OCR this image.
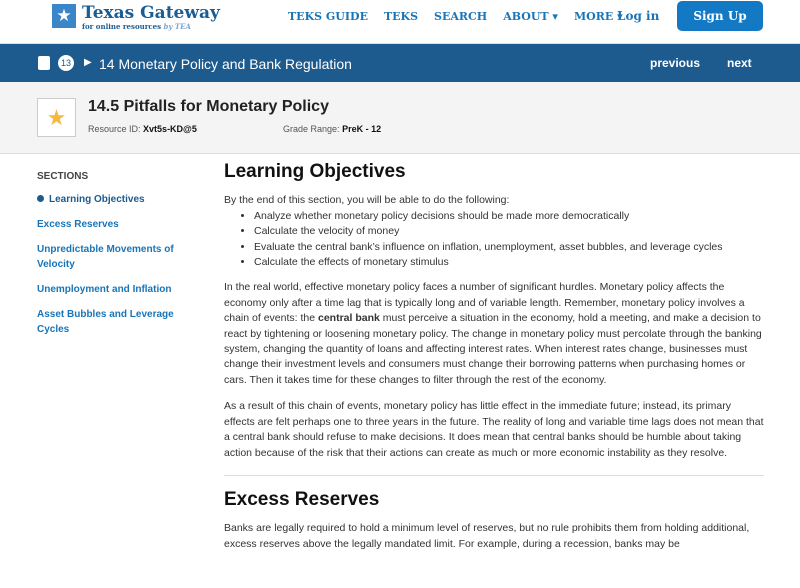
★ Texas Gateway
for online resources by TEA
TEKS GUIDE TEKS SEARCH ABOUT ▾ MORE ▾
Log in	Sign Up
13	▶ 14 Monetary Policy and Bank Regulation	previous next
★	14.5 Pitfalls for Monetary Policy
Resource ID: Xvt5s-KD@5	Grade Range: PreK - 12
SECTIONS
Learning Objectives
Excess Reserves
Unpredictable Movements of Velocity
Unemployment and Inflation
Asset Bubbles and Leverage Cycles
Learning Objectives
By the end of this section, you will be able to do the following:
• Analyze whether monetary policy decisions should be made more democratically
• Calculate the velocity of money
• Evaluate the central bank’s influence on inflation, unemployment, asset bubbles, and leverage cycles
• Calculate the effects of monetary stimulus

In the real world, effective monetary policy faces a number of significant hurdles. Monetary policy affects the economy only after a time lag that is typically long and of variable length. Remember, monetary policy involves a chain of events: the central bank must perceive a situation in the economy, hold a meeting, and make a decision to react by tightening or loosening monetary policy. The change in monetary policy must percolate through the banking system, changing the quantity of loans and affecting interest rates. When interest rates change, businesses must change their investment levels and consumers must change their borrowing patterns when purchasing homes or cars. Then it takes time for these changes to filter through the rest of the economy.

As a result of this chain of events, monetary policy has little effect in the immediate future; instead, its primary effects are felt perhaps one to three years in the future. The reality of long and variable time lags does not mean that a central bank should refuse to make decisions. It does mean that central banks should be humble about taking action because of the risk that their actions can create as much or more economic instability as they resolve.

Excess Reserves

Banks are legally required to hold a minimum level of reserves, but no rule prohibits them from holding additional, excess reserves above the legally mandated limit. For example, during a recession, banks may be
